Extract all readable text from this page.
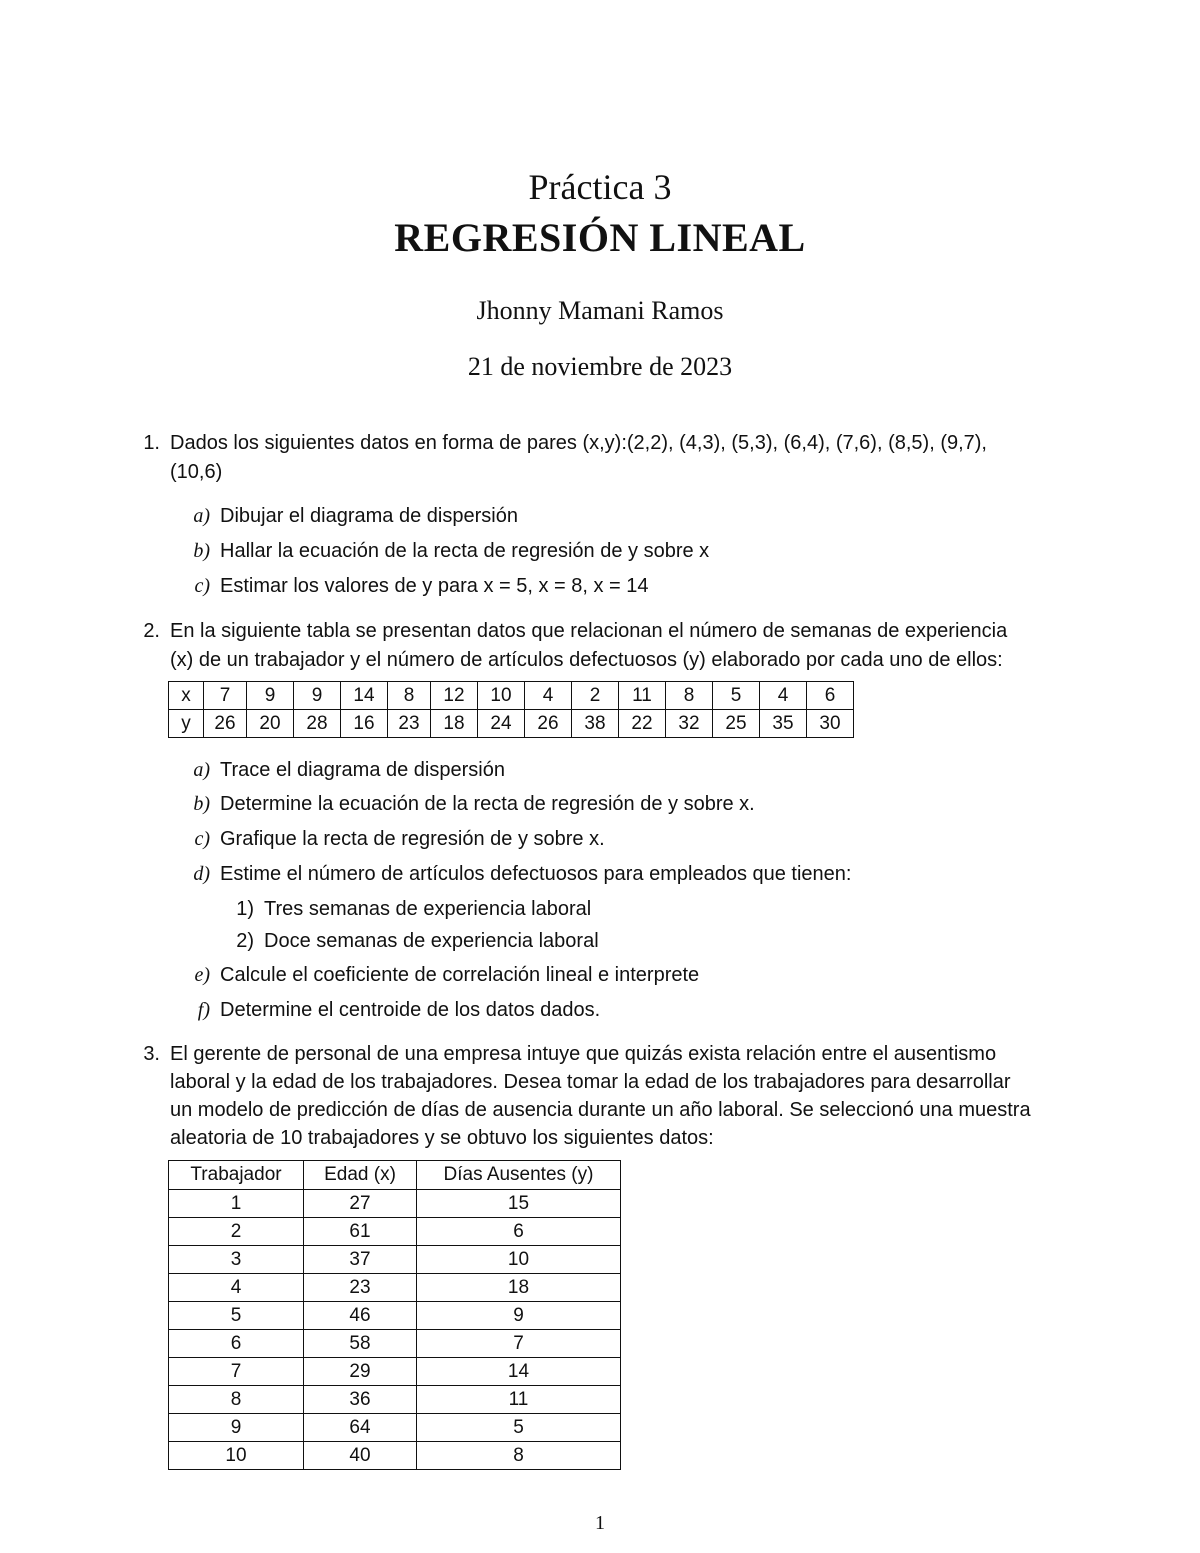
Práctica 3
REGRESIÓN LINEAL
Jhonny Mamani Ramos
21 de noviembre de 2023
1. Dados los siguientes datos en forma de pares (x,y):(2,2), (4,3), (5,3), (6,4), (7,6), (8,5), (9,7),
(10,6)
a) Dibujar el diagrama de dispersión
b) Hallar la ecuación de la recta de regresión de y sobre x
c) Estimar los valores de y para x = 5, x = 8, x = 14
2. En la siguiente tabla se presentan datos que relacionan el número de semanas de experiencia
(x) de un trabajador y el número de artículos defectuosos (y) elaborado por cada uno de ellos:
x	7	9	9	14	8	12	10	4	2	11	8	5	4	6
y	26	20	28	16	23	18	24	26	38	22	32	25	35	30
a) Trace el diagrama de dispersión
b) Determine la ecuación de la recta de regresión de y sobre x.
c) Grafique la recta de regresión de y sobre x.
d) Estime el número de artículos defectuosos para empleados que tienen:
1) Tres semanas de experiencia laboral
2) Doce semanas de experiencia laboral
e) Calcule el coeficiente de correlación lineal e interprete
f) Determine el centroide de los datos dados.
3. El gerente de personal de una empresa intuye que quizás exista relación entre el ausentismo
laboral y la edad de los trabajadores. Desea tomar la edad de los trabajadores para desarrollar
un modelo de predicción de días de ausencia durante un año laboral. Se seleccionó una muestra
aleatoria de 10 trabajadores y se obtuvo los siguientes datos:
Trabajador	Edad (x)	Días Ausentes (y)
1	27	15
2	61	6
3	37	10
4	23	18
5	46	9
6	58	7
7	29	14
8	36	11
9	64	5
10	40	8
1
